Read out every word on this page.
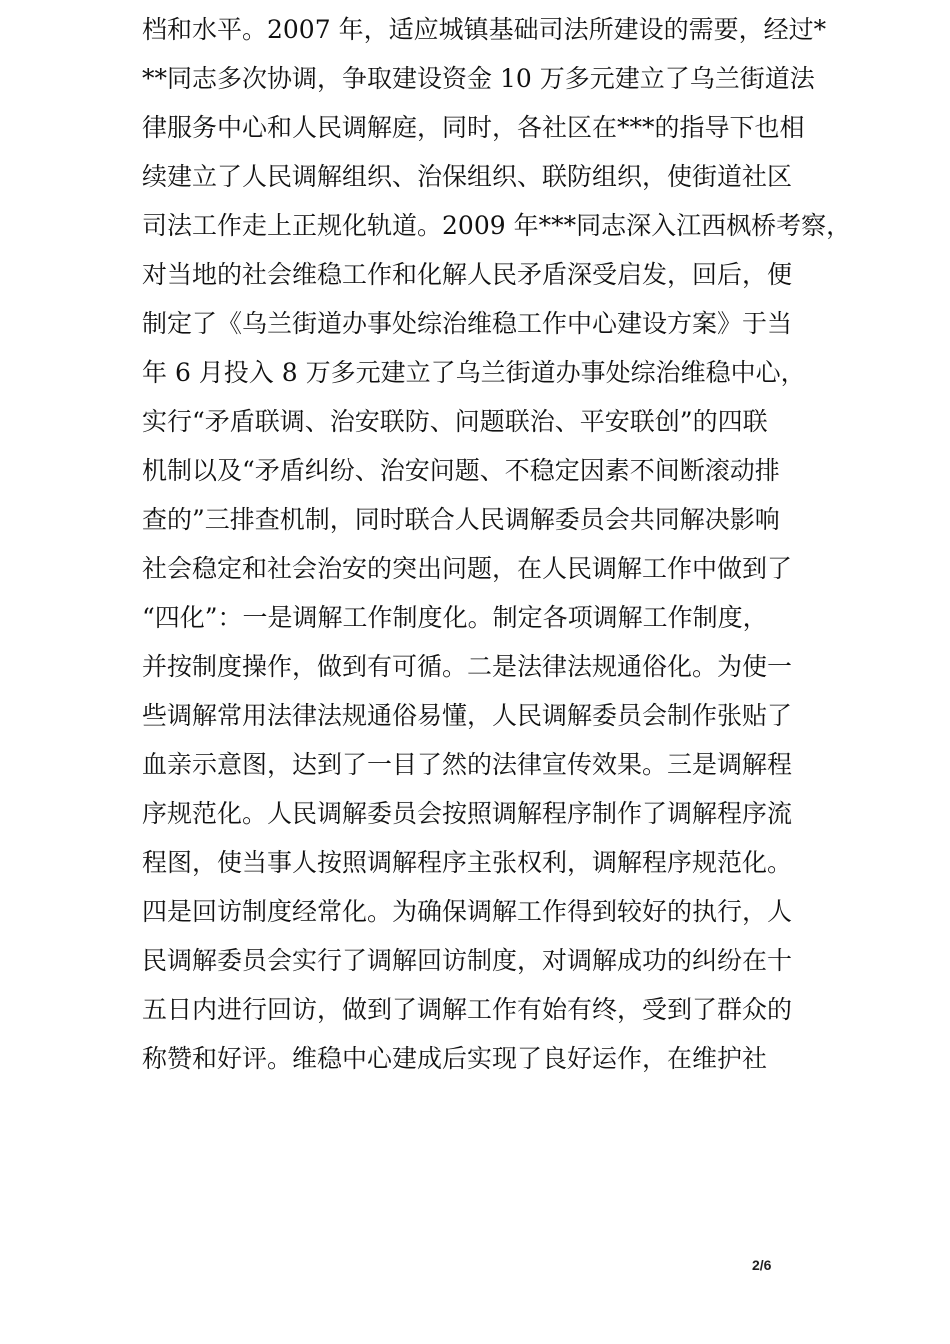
档和水平。2007 年，适应城镇基础司法所建设的需要，经过*
**同志多次协调，争取建设资金 10 万多元建立了乌兰街道法
律服务中心和人民调解庭，同时，各社区在***的指导下也相
续建立了人民调解组织、治保组织、联防组织，使街道社区
司法工作走上正规化轨道。2009 年***同志深入江西枫桥考察，
对当地的社会维稳工作和化解人民矛盾深受启发，回后，便
制定了《乌兰街道办事处综治维稳工作中心建设方案》于当
年 6 月投入 8 万多元建立了乌兰街道办事处综治维稳中心，
实行“矛盾联调、治安联防、问题联治、平安联创”的四联
机制以及“矛盾纠纷、治安问题、不稳定因素不间断滚动排
查的”三排查机制，同时联合人民调解委员会共同解决影响
社会稳定和社会治安的突出问题，在人民调解工作中做到了
“四化”：一是调解工作制度化。制定各项调解工作制度，
并按制度操作，做到有可循。二是法律法规通俗化。为使一
些调解常用法律法规通俗易懂，人民调解委员会制作张贴了
血亲示意图，达到了一目了然的法律宣传效果。三是调解程
序规范化。人民调解委员会按照调解程序制作了调解程序流
程图，使当事人按照调解程序主张权利，调解程序规范化。
四是回访制度经常化。为确保调解工作得到较好的执行，人
民调解委员会实行了调解回访制度，对调解成功的纠纷在十
五日内进行回访，做到了调解工作有始有终，受到了群众的
称赞和好评。维稳中心建成后实现了良好运作，在维护社
2/6
